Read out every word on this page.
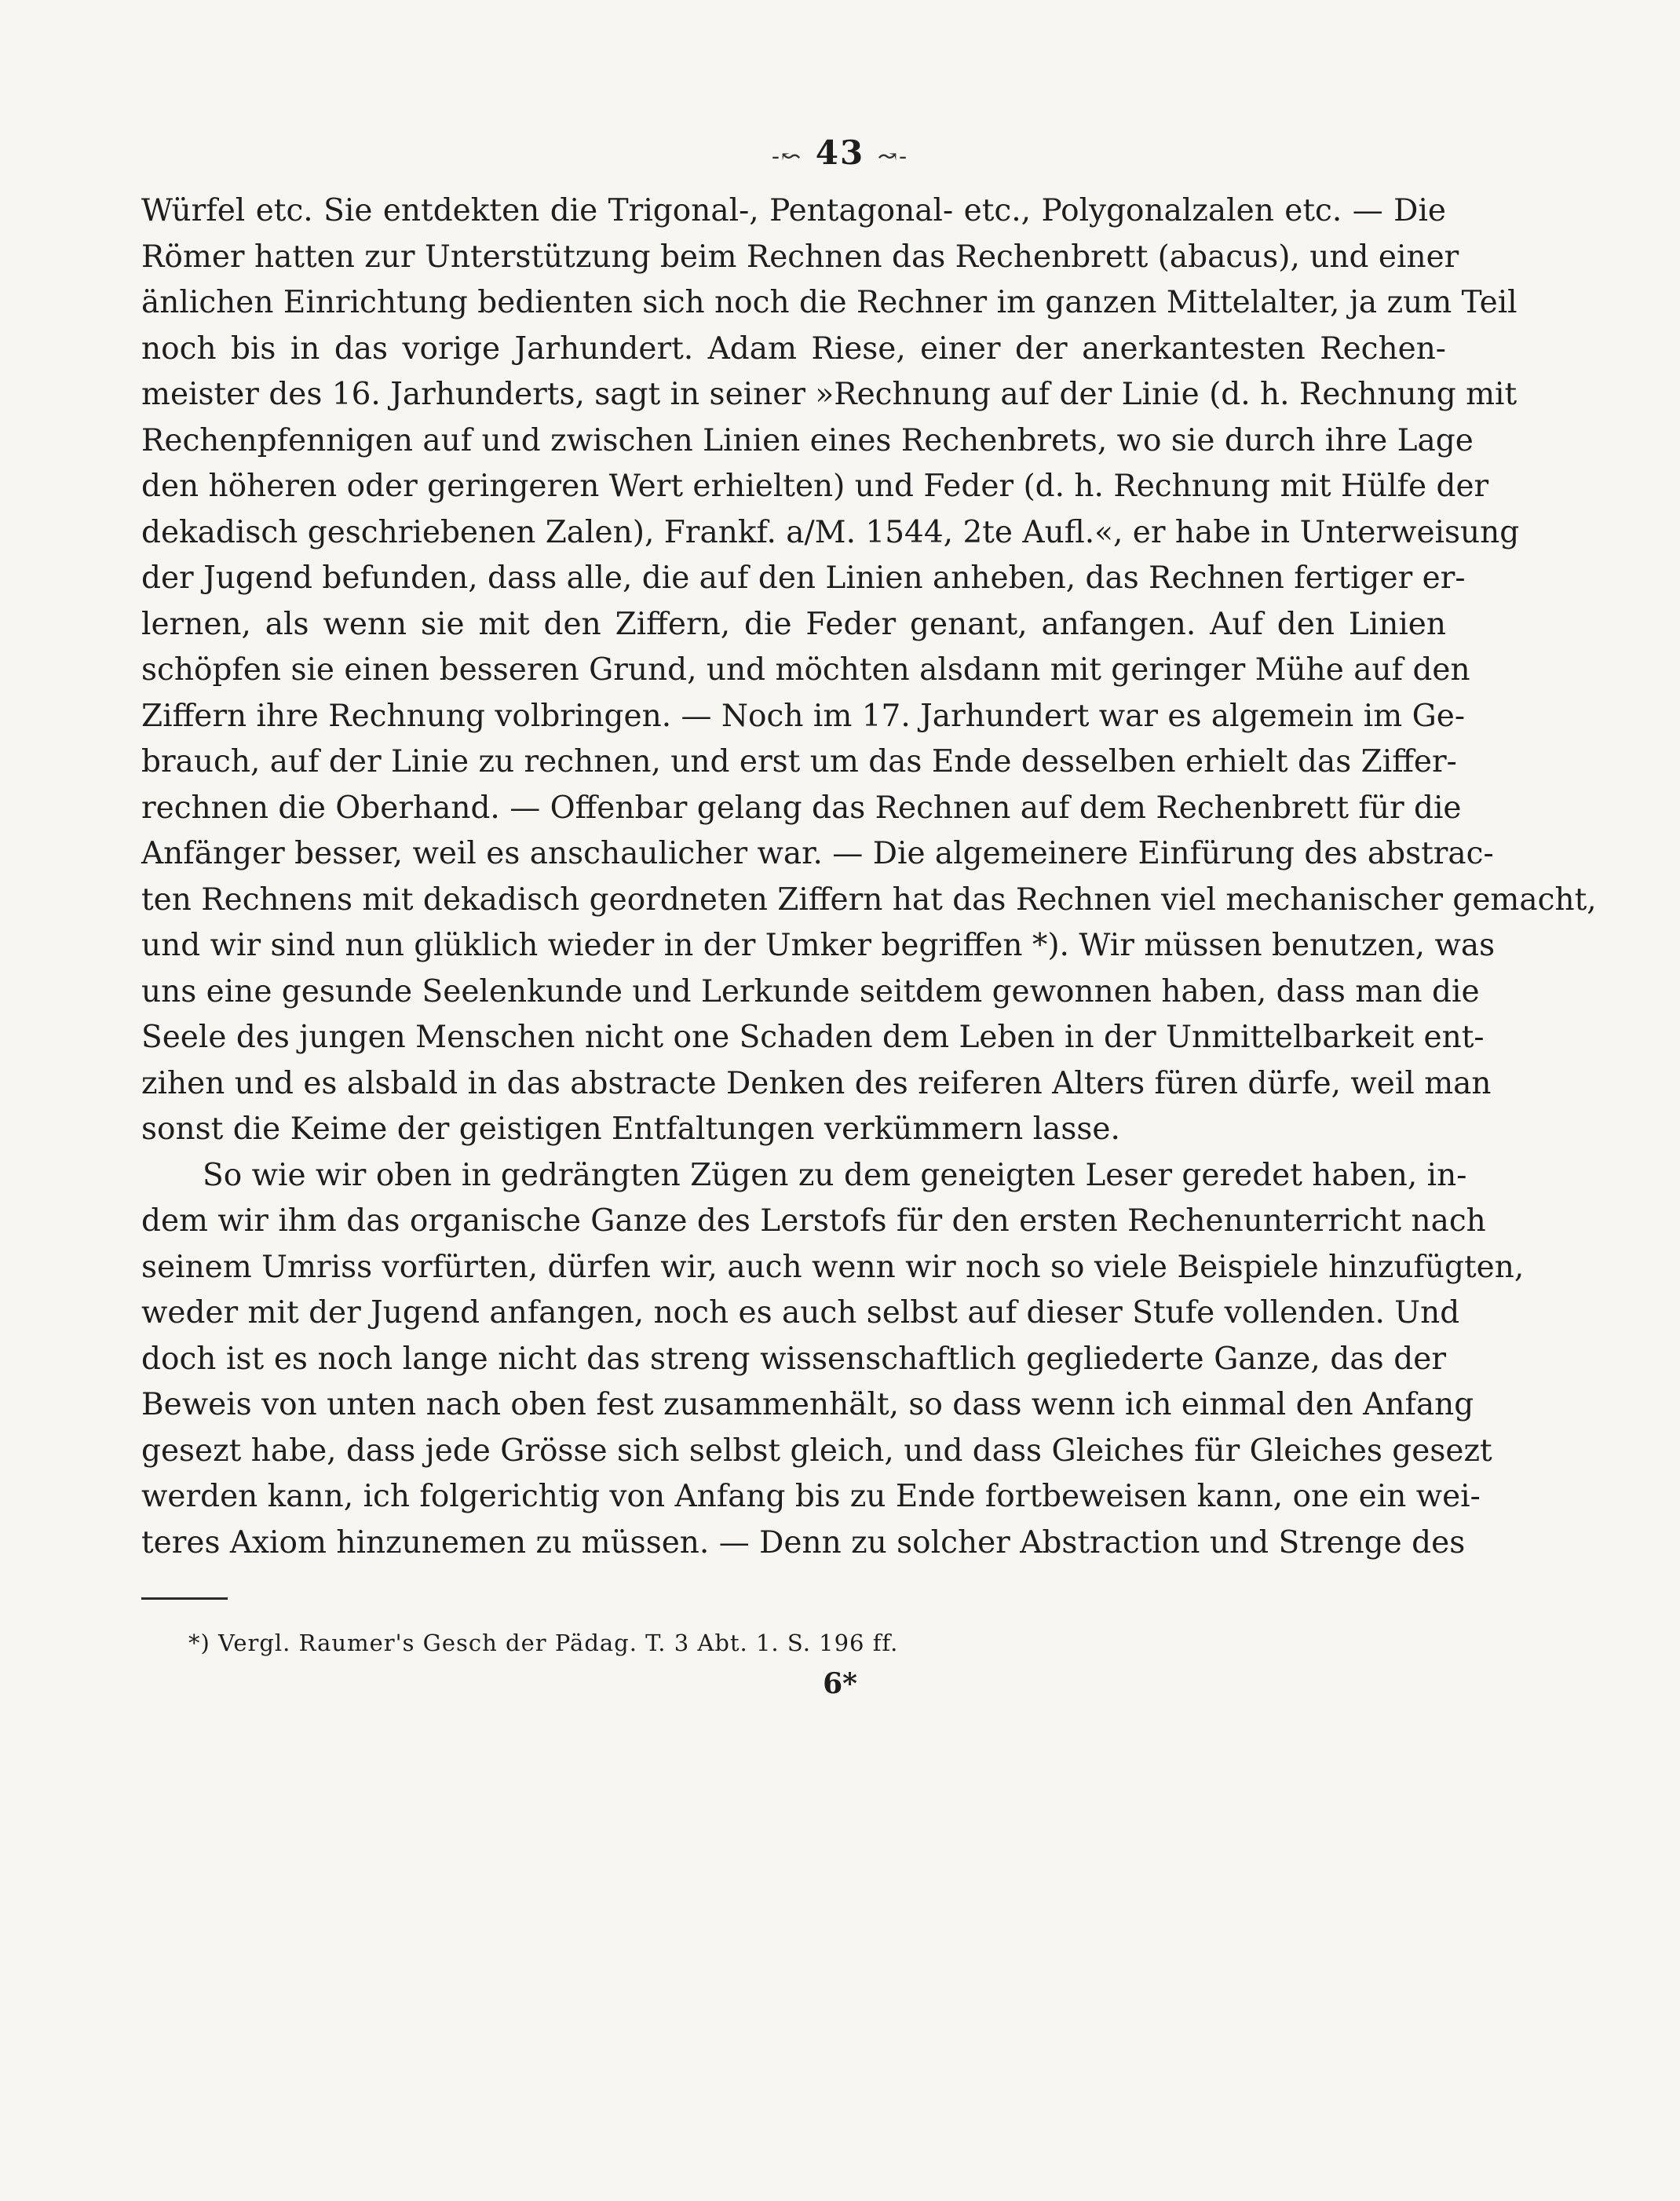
-↜ 43 ↝-
Würfel etc. Sie entdekten die Trigonal-, Pentagonal- etc., Polygonalzalen etc. — Die
Römer hatten zur Unterstützung beim Rechnen das Rechenbrett (abacus), und einer
änlichen Einrichtung bedienten sich noch die Rechner im ganzen Mittelalter, ja zum Teil
noch bis in das vorige Jarhundert. Adam Riese, einer der anerkantesten Rechen-
meister des 16. Jarhunderts, sagt in seiner »Rechnung auf der Linie (d. h. Rechnung mit
Rechenpfennigen auf und zwischen Linien eines Rechenbrets, wo sie durch ihre Lage
den höheren oder geringeren Wert erhielten) und Feder (d. h. Rechnung mit Hülfe der
dekadisch geschriebenen Zalen), Frankf. a/M. 1544, 2te Aufl.«, er habe in Unterweisung
der Jugend befunden, dass alle, die auf den Linien anheben, das Rechnen fertiger er-
lernen, als wenn sie mit den Ziffern, die Feder genant, anfangen. Auf den Linien
schöpfen sie einen besseren Grund, und möchten alsdann mit geringer Mühe auf den
Ziffern ihre Rechnung volbringen. — Noch im 17. Jarhundert war es algemein im Ge-
brauch, auf der Linie zu rechnen, und erst um das Ende desselben erhielt das Ziffer-
rechnen die Oberhand. — Offenbar gelang das Rechnen auf dem Rechenbrett für die
Anfänger besser, weil es anschaulicher war. — Die algemeinere Einfürung des abstrac-
ten Rechnens mit dekadisch geordneten Ziffern hat das Rechnen viel mechanischer gemacht,
und wir sind nun glüklich wieder in der Umker begriffen *). Wir müssen benutzen, was
uns eine gesunde Seelenkunde und Lerkunde seitdem gewonnen haben, dass man die
Seele des jungen Menschen nicht one Schaden dem Leben in der Unmittelbarkeit ent-
zihen und es alsbald in das abstracte Denken des reiferen Alters füren dürfe, weil man
sonst die Keime der geistigen Entfaltungen verkümmern lasse.
So wie wir oben in gedrängten Zügen zu dem geneigten Leser geredet haben, in-
dem wir ihm das organische Ganze des Lerstofs für den ersten Rechenunterricht nach
seinem Umriss vorfürten, dürfen wir, auch wenn wir noch so viele Beispiele hinzufügten,
weder mit der Jugend anfangen, noch es auch selbst auf dieser Stufe vollenden. Und
doch ist es noch lange nicht das streng wissenschaftlich gegliederte Ganze, das der
Beweis von unten nach oben fest zusammenhält, so dass wenn ich einmal den Anfang
gesezt habe, dass jede Grösse sich selbst gleich, und dass Gleiches für Gleiches gesezt
werden kann, ich folgerichtig von Anfang bis zu Ende fortbeweisen kann, one ein wei-
teres Axiom hinzunemen zu müssen. — Denn zu solcher Abstraction und Strenge des
*) Vergl. Raumer's Gesch der Pädag. T. 3 Abt. 1. S. 196 ff.
6*
